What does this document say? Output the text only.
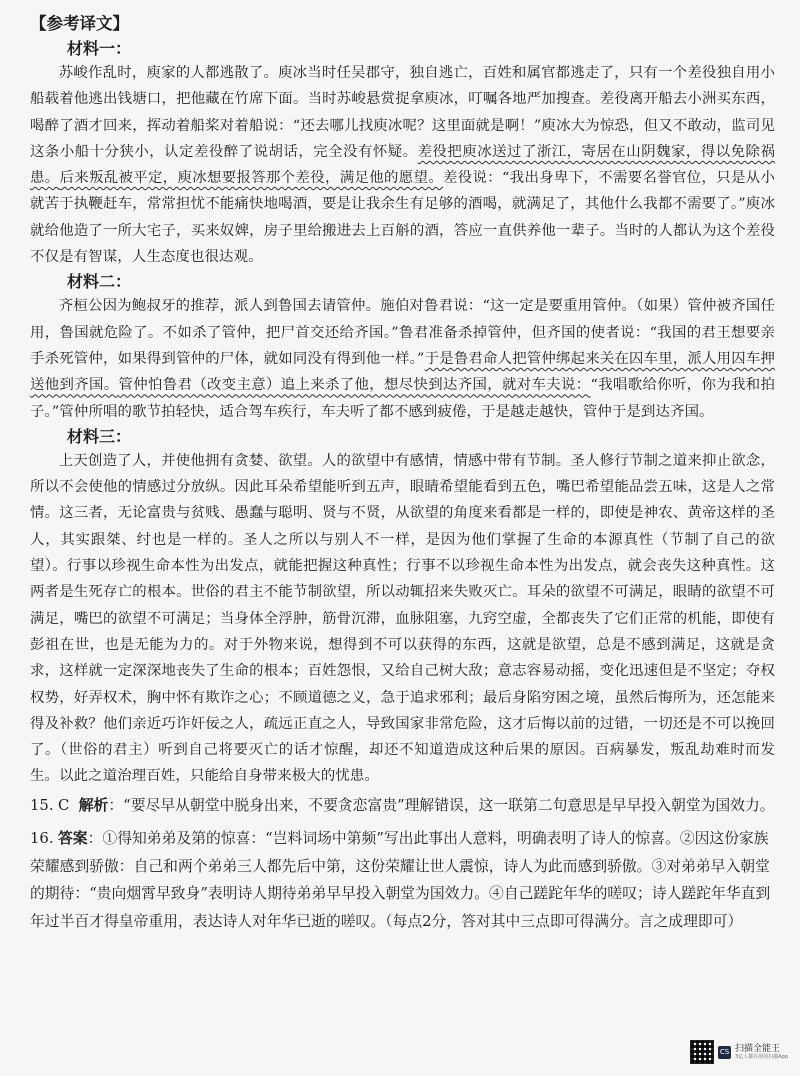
【参考译文】
材料一：

苏峻作乱时，庾家的人都逃散了。庾冰当时任吴郡守，独自逃亡，百姓和属官都逃走了，只有一个差役独自用小船载着他逃出钱塘口，把他藏在竹席下面。当时苏峻悬赏捉拿庾冰，叮嘱各地严加搜查。差役离开船去小洲买东西，喝醉了酒才回来，挥动着船桨对着船说：“还去哪儿找庾冰呢？这里面就是啊！”庾冰大为惊恐，但又不敢动，监司见这条小船十分狭小，认定差役醉了说胡话，完全没有怀疑。差役把庾冰送过了浙江，寄居在山阴魏家，得以免除祸患。后来叛乱被平定，庾冰想要报答那个差役，满足他的愿望。差役说：“我出身卑下，不需要名誉官位，只是从小就苦于执鞭赶车，常常担忧不能痛快地喝酒，要是让我余生有足够的酒喝，就满足了，其他什么我都不需要了。”庾冰就给他造了一所大宅子，买来奴婢，房子里给搬进去上百斛的酒，答应一直供养他一辈子。当时的人都认为这个差役不仅是有智谋，人生态度也很达观。

材料二：

齐桓公因为鲍叔牙的推荐，派人到鲁国去请管仲。施伯对鲁君说：“这一定是要重用管仲。（如果）管仲被齐国任用，鲁国就危险了。不如杀了管仲，把尸首交还给齐国。”鲁君准备杀掉管仲，但齐国的使者说：“我国的君王想要亲手杀死管仲，如果得到管仲的尸体，就如同没有得到他一样。”于是鲁君命人把管仲绑起来关在囚车里，派人用囚车押送他到齐国。管仲怕鲁君（改变主意）追上来杀了他，想尽快到达齐国，就对车夫说：“我唱歌给你听，你为我和拍子。”管仲所唱的歌节拍轻快，适合驾车疾行，车夫听了都不感到疲倦，于是越走越快，管仲于是到达齐国。

材料三：

上天创造了人，并使他拥有贪婪、欲望。人的欲望中有感情，情感中带有节制。圣人修行节制之道来抑止欲念，所以不会使他的情感过分放纵。因此耳朵希望能听到五声，眼睛希望能看到五色，嘴巴希望能品尝五味，这是人之常情。这三者，无论富贵与贫贱、愚蠢与聪明、贤与不贤，从欲望的角度来看都是一样的，即使是神农、黄帝这样的圣人，其实跟桀、纣也是一样的。圣人之所以与别人不一样，是因为他们掌握了生命的本源真性（节制了自己的欲望）。行事以珍视生命本性为出发点，就能把握这种真性；行事不以珍视生命本性为出发点，就会丧失这种真性。这两者是生死存亡的根本。世俗的君主不能节制欲望，所以动辄招来失败灭亡。耳朵的欲望不可满足，眼睛的欲望不可满足，嘴巴的欲望不可满足；当身体全浮肿，筋骨沉滞，血脉阻塞，九窍空虚，全都丧失了它们正常的机能，即使有彭祖在世，也是无能为力的。对于外物来说，想得到不可以获得的东西，这就是欲望，总是不感到满足，这就是贪求，这样就一定深深地丧失了生命的根本；百姓怨恨，又给自己树大敌；意志容易动摇，变化迅速但是不坚定；夺权权势，好弄权术，胸中怀有欺诈之心；不顾道德之义，急于追求邪利；最后身陷穷困之境，虽然后悔所为，还怎能来得及补救？他们亲近巧诈奸佞之人，疏远正直之人，导致国家非常危险，这才后悔以前的过错，一切还是不可以挽回了。（世俗的君主）听到自己将要灭亡的话才惊醒，却还不知道造成这种后果的原因。百病暴发，叛乱劫难时而发生。以此之道治理百姓，只能给自身带来极大的忧患。

15. C 解析：“要尽早从朝堂中脱身出来，不要贪恋富贵”理解错误，这一联第二句意思是早早投入朝堂为国效力。
16. 答案：①得知弟弟及第的惊喜：“岂料词场中第频”写出此事出人意料，明确表明了诗人的惊喜。②因这份家族荣耀感到骄傲：自己和两个弟弟三人都先后中第，这份荣耀让世人震惊，诗人为此而感到骄傲。③对弟弟早入朝堂的期待：“贵向烟霄早致身”表明诗人期待弟弟早早投入朝堂为国效力。④自己蹉跎年华的嗟叹；诗人蹉跎年华直到年过半百才得皇帝重用，表达诗人对年华已逝的嗟叹。（每点2分，答对其中三点即可得满分。言之成理即可）
CS 扫描全能王
3亿人都在用的扫描App
